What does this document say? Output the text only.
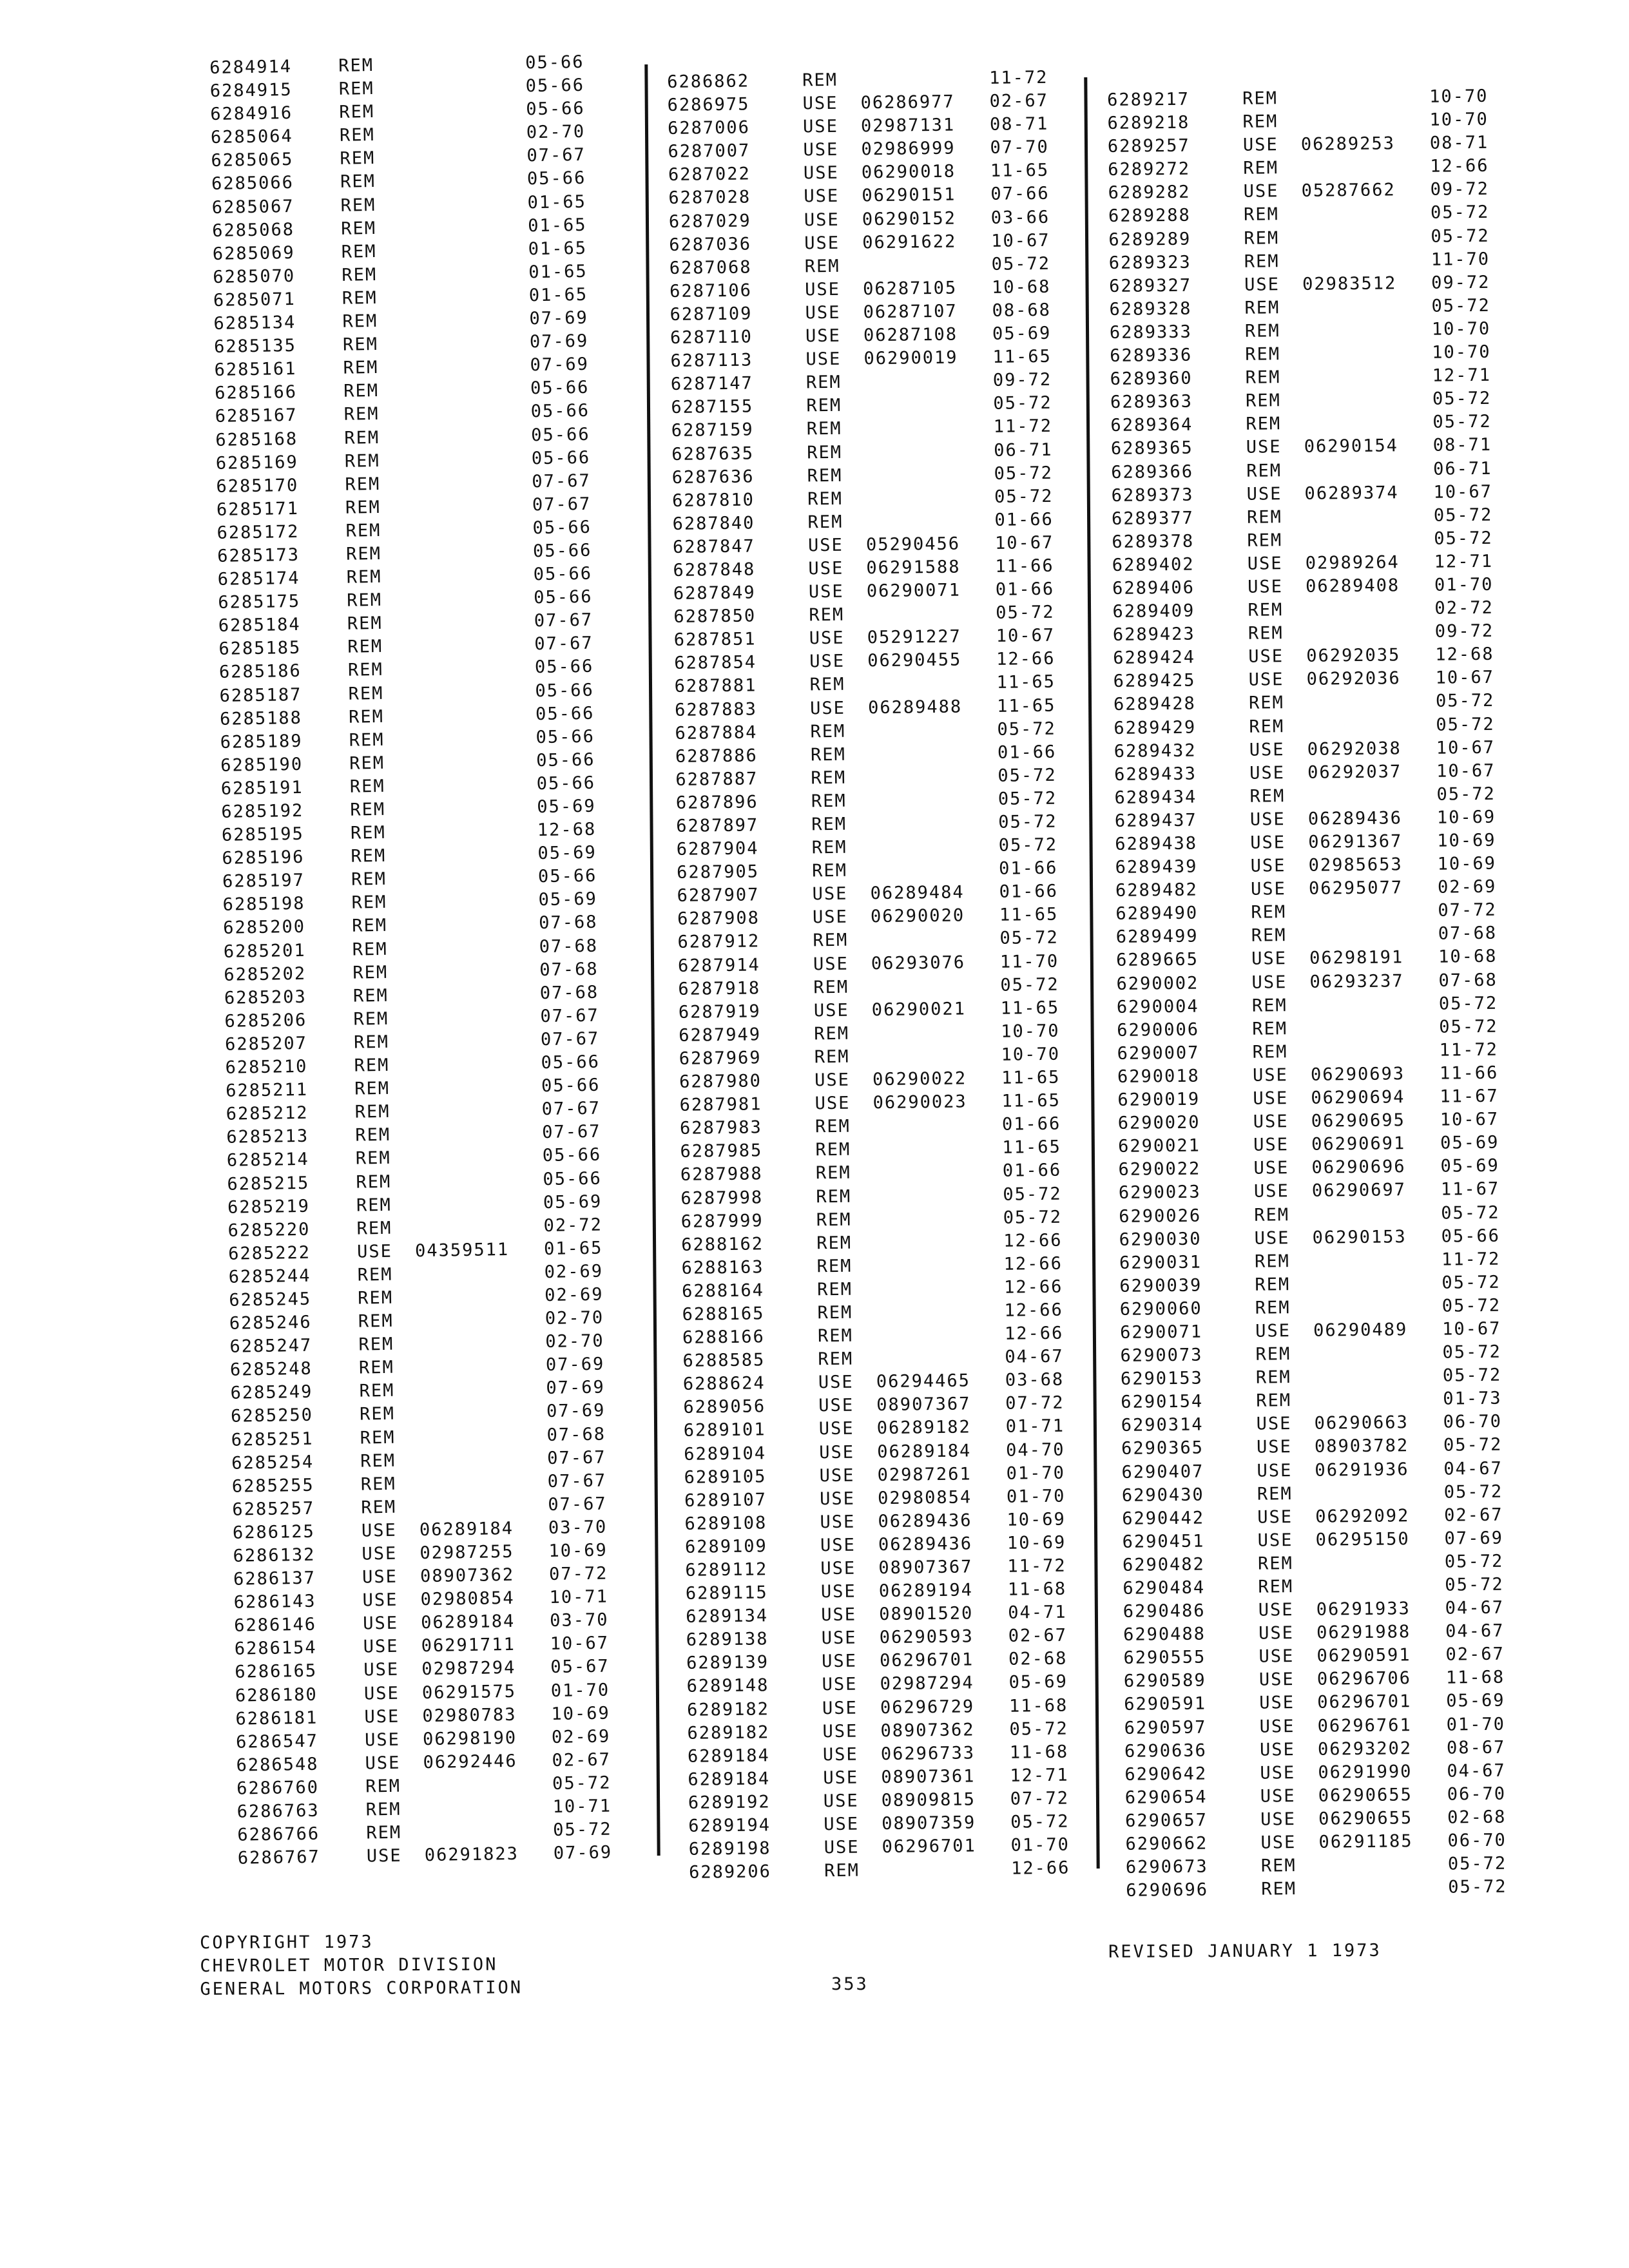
6284914	REM	05-66
6284915	REM	05-66
6284916	REM	05-66
6285064	REM	02-70
6285065	REM	07-67
6285066	REM	05-66
6285067	REM	01-65
6285068	REM	01-65
6285069	REM	01-65
6285070	REM	01-65
6285071	REM	01-65
6285134	REM	07-69
6285135	REM	07-69
6285161	REM	07-69
6285166	REM	05-66
6285167	REM	05-66
6285168	REM	05-66
6285169	REM	05-66
6285170	REM	07-67
6285171	REM	07-67
6285172	REM	05-66
6285173	REM	05-66
6285174	REM	05-66
6285175	REM	05-66
6285184	REM	07-67
6285185	REM	07-67
6285186	REM	05-66
6285187	REM	05-66
6285188	REM	05-66
6285189	REM	05-66
6285190	REM	05-66
6285191	REM	05-66
6285192	REM	05-69
6285195	REM	12-68
6285196	REM	05-69
6285197	REM	05-66
6285198	REM	05-69
6285200	REM	07-68
6285201	REM	07-68
6285202	REM	07-68
6285203	REM	07-68
6285206	REM	07-67
6285207	REM	07-67
6285210	REM	05-66
6285211	REM	05-66
6285212	REM	07-67
6285213	REM	07-67
6285214	REM	05-66
6285215	REM	05-66
6285219	REM	05-69
6285220	REM	02-72
6285222	USE 04359511 01-65
6285244	REM	02-69
6285245	REM	02-69
6285246	REM	02-70
6285247	REM	02-70
6285248	REM	07-69
6285249	REM	07-69
6285250	REM	07-69
6285251	REM	07-68
6285254	REM	07-67
6285255	REM	07-67
6285257	REM	07-67
6286125	USE 06289184 03-70
6286132	USE 02987255 10-69
6286137	USE 08907362 07-72
6286143	USE 02980854 10-71
6286146	USE 06289184 03-70
6286154	USE 06291711 10-67
6286165	USE 02987294 05-67
6286180	USE 06291575 01-70
6286181	USE 02980783 10-69
6286547	USE 06298190 02-69
6286548	USE 06292446 02-67
6286760	REM	05-72
6286763	REM	10-71
6286766	REM	05-72
6286767	USE 06291823 07-69
6286862	REM	11-72
6286975	USE 06286977 02-67
6287006	USE 02987131 08-71
6287007	USE 02986999 07-70
6287022	USE 06290018 11-65
6287028	USE 06290151 07-66
6287029	USE 06290152 03-66
6287036	USE 06291622 10-67
6287068	REM	05-72
6287106	USE 06287105 10-68
6287109	USE 06287107 08-68
6287110	USE 06287108 05-69
6287113	USE 06290019 11-65
6287147	REM	09-72
6287155	REM	05-72
6287159	REM	11-72
6287635	REM	06-71
6287636	REM	05-72
6287810	REM	05-72
6287840	REM	01-66
6287847	USE 05290456 10-67
6287848	USE 06291588 11-66
6287849	USE 06290071 01-66
6287850	REM	05-72
6287851	USE 05291227 10-67
6287854	USE 06290455 12-66
6287881	REM	11-65
6287883	USE 06289488 11-65
6287884	REM	05-72
6287886	REM	01-66
6287887	REM	05-72
6287896	REM	05-72
6287897	REM	05-72
6287904	REM	05-72
6287905	REM	01-66
6287907	USE 06289484 01-66
6287908	USE 06290020 11-65
6287912	REM	05-72
6287914	USE 06293076 11-70
6287918	REM	05-72
6287919	USE 06290021 11-65
6287949	REM	10-70
6287969	REM	10-70
6287980	USE 06290022 11-65
6287981	USE 06290023 11-65
6287983	REM	01-66
6287985	REM	11-65
6287988	REM	01-66
6287998	REM	05-72
6287999	REM	05-72
6288162	REM	12-66
6288163	REM	12-66
6288164	REM	12-66
6288165	REM	12-66
6288166	REM	12-66
6288585	REM	04-67
6288624	USE 06294465 03-68
6289056	USE 08907367 07-72
6289101	USE 06289182 01-71
6289104	USE 06289184 04-70
6289105	USE 02987261 01-70
6289107	USE 02980854 01-70
6289108	USE 06289436 10-69
6289109	USE 06289436 10-69
6289112	USE 08907367 11-72
6289115	USE 06289194 11-68
6289134	USE 08901520 04-71
6289138	USE 06290593 02-67
6289139	USE 06296701 02-68
6289148	USE 02987294 05-69
6289182	USE 06296729 11-68
6289182	USE 08907362 05-72
6289184	USE 06296733 11-68
6289184	USE 08907361 12-71
6289192	USE 08909815 07-72
6289194	USE 08907359 05-72
6289198	USE 06296701 01-70
6289206	REM	12-66
6289217	REM	10-70
6289218	REM	10-70
6289257	USE 06289253 08-71
6289272	REM	12-66
6289282	USE 05287662 09-72
6289288	REM	05-72
6289289	REM	05-72
6289323	REM	11-70
6289327	USE 02983512 09-72
6289328	REM	05-72
6289333	REM	10-70
6289336	REM	10-70
6289360	REM	12-71
6289363	REM	05-72
6289364	REM	05-72
6289365	USE 06290154 08-71
6289366	REM	06-71
6289373	USE 06289374 10-67
6289377	REM	05-72
6289378	REM	05-72
6289402	USE 02989264 12-71
6289406	USE 06289408 01-70
6289409	REM	02-72
6289423	REM	09-72
6289424	USE 06292035 12-68
6289425	USE 06292036 10-67
6289428	REM	05-72
6289429	REM	05-72
6289432	USE 06292038 10-67
6289433	USE 06292037 10-67
6289434	REM	05-72
6289437	USE 06289436 10-69
6289438	USE 06291367 10-69
6289439	USE 02985653 10-69
6289482	USE 06295077 02-69
6289490	REM	07-72
6289499	REM	07-68
6289665	USE 06298191 10-68
6290002	USE 06293237 07-68
6290004	REM	05-72
6290006	REM	05-72
6290007	REM	11-72
6290018	USE 06290693 11-66
6290019	USE 06290694 11-67
6290020	USE 06290695 10-67
6290021	USE 06290691 05-69
6290022	USE 06290696 05-69
6290023	USE 06290697 11-67
6290026	REM	05-72
6290030	USE 06290153 05-66
6290031	REM	11-72
6290039	REM	05-72
6290060	REM	05-72
6290071	USE 06290489 10-67
6290073	REM	05-72
6290153	REM	05-72
6290154	REM	01-73
6290314	USE 06290663 06-70
6290365	USE 08903782 05-72
6290407	USE 06291936 04-67
6290430	REM	05-72
6290442	USE 06292092 02-67
6290451	USE 06295150 07-69
6290482	REM	05-72
6290484	REM	05-72
6290486	USE 06291933 04-67
6290488	USE 06291988 04-67
6290555	USE 06290591 02-67
6290589	USE 06296706 11-68
6290591	USE 06296701 05-69
6290597	USE 06296761 01-70
6290636	USE 06293202 08-67
6290642	USE 06291990 04-67
6290654	USE 06290655 06-70
6290657	USE 06290655 02-68
6290662	USE 06291185 06-70
6290673	REM	05-72
6290696	REM	05-72
COPYRIGHT 1973
CHEVROLET MOTOR DIVISION
GENERAL MOTORS CORPORATION	353
REVISED JANUARY 1 1973
